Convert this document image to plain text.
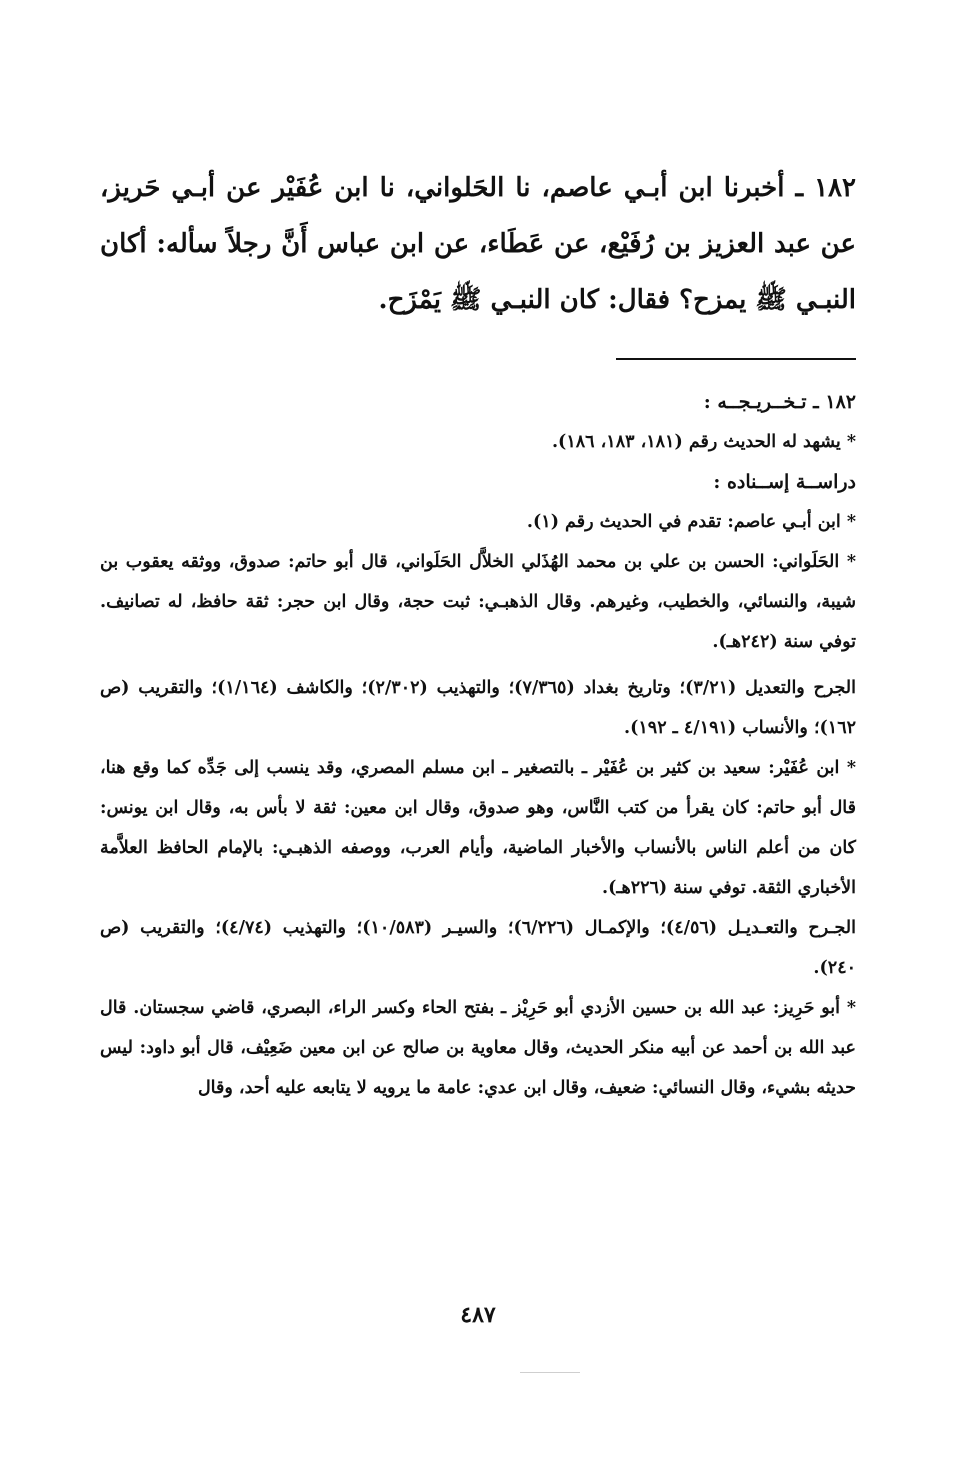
١٨٢ ـ أخبرنا ابن أبـي عاصم، نا الحَلواني، نا ابن عُفَيْر عن أبـي حَريز، عن عبد العزيز بن رُفَيْع، عن عَطَاء، عن ابن عباس أَنَّ رجلاً سأله: أكان النبـي ﷺ يمزح؟ فقال: كان النبـي ﷺ يَمْزَح.

١٨٢ ـ تـخــريـجــه :

* يشهد له الحديث رقم (١٨١، ١٨٣، ١٨٦).

دراســة إســناده :

* ابن أبـي عاصم: تقدم في الحديث رقم (١).

* الحَلَواني: الحسن بن علي بن محمد الهُذَلي الخلاَّل الحَلَواني، قال أبو حاتم: صدوق، ووثقه يعقوب بن شيبة، والنسائي، والخطيب، وغيرهم. وقال الذهبـي: ثبت حجة، وقال ابن حجر: ثقة حافظ، له تصانيف. توفي سنة (٢٤٢هـ).

الجرح والتعديل (٣/٢١)؛ وتاريخ بغداد (٧/٣٦٥)؛ والتهذيب (٢/٣٠٢)؛ والكاشف (١/١٦٤)؛ والتقريب (ص ١٦٢)؛ والأنساب (٤/١٩١ ـ ١٩٢).

* ابن عُفَيْر: سعيد بن كثير بن عُفَيْر ـ بالتصغير ـ ابن مسلم المصري، وقد ينسب إلى جَدِّه كما وقع هنا، قال أبو حاتم: كان يقرأ من كتب النَّاس، وهو صدوق، وقال ابن معين: ثقة لا بأس به، وقال ابن يونس: كان من أعلم الناس بالأنساب والأخبار الماضية، وأيام العرب، ووصفه الذهبـي: بالإمام الحافظ العلاَّمة الأخباري الثقة. توفي سنة (٢٢٦هـ).

الجـرح والتعـديـل (٤/٥٦)؛ والإكمـال (٦/٢٢٦)؛ والسيـر (١٠/٥٨٣)؛ والتهذيب (٤/٧٤)؛ والتقريب (ص ٢٤٠).

* أبو حَرِيز: عبد الله بن حسين الأزدي أبو حَرِيْز ـ بفتح الحاء وكسر الراء، البصري، قاضي سجستان. قال عبد الله بن أحمد عن أبيه منكر الحديث، وقال معاوية بن صالح عن ابن معين ضَعِيْف، قال أبو داود: ليس حديثه بشيء، وقال النسائي: ضعيف، وقال ابن عدي: عامة ما يرويه لا يتابعه عليه أحد، وقال

٤٨٧
